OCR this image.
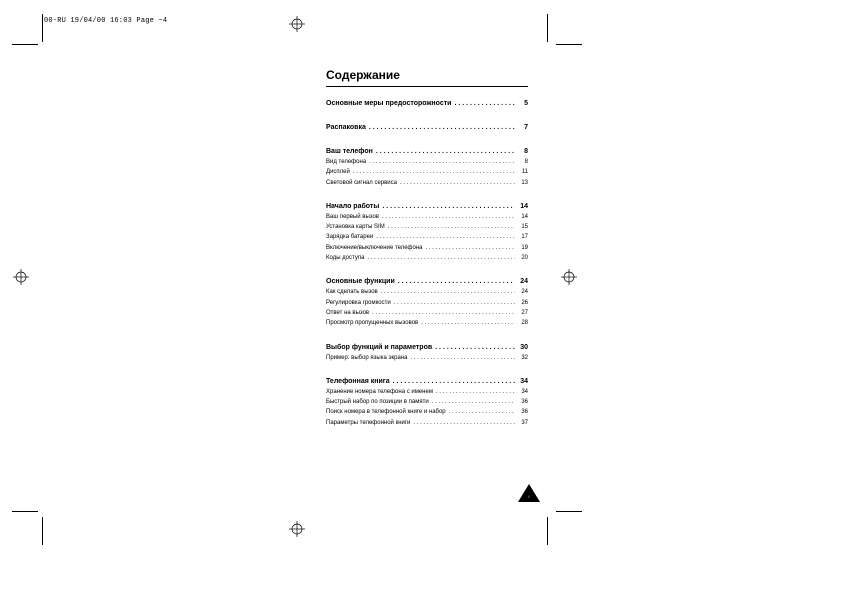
00-RU 19/04/00 16:03 Page ~4
Содержание
Основные меры предосторожности . . .	5
Распаковка . . .	7
Ваш телефон . . .	8
Вид телефона . . .	8
Дисплей . . .	11
Световой сигнал сервиса . . .	13
Начало работы . . .	14
Ваш первый вызов . . .	14
Установка карты SIM . . .	15
Зарядка батареи . . .	17
Включение/выключение телефона . . .	19
Коды доступа . . .	20
Основные функции . . .	24
Как сделать вызов . . .	24
Регулировка громкости . . .	26
Ответ на вызов . . .	27
Просмотр пропущенных вызовов . . .	28
Выбор функций и параметров . . .	30
Пример: выбор языка экрана . . .	32
Телефонная книга . . .	34
Хранение номера телефона с именем . . .	34
Быстрый набор по позиции в памяти . . .	36
Поиск номера в телефонной книге и набор . . .	36
Параметры телефонной книги . . .	37
i
